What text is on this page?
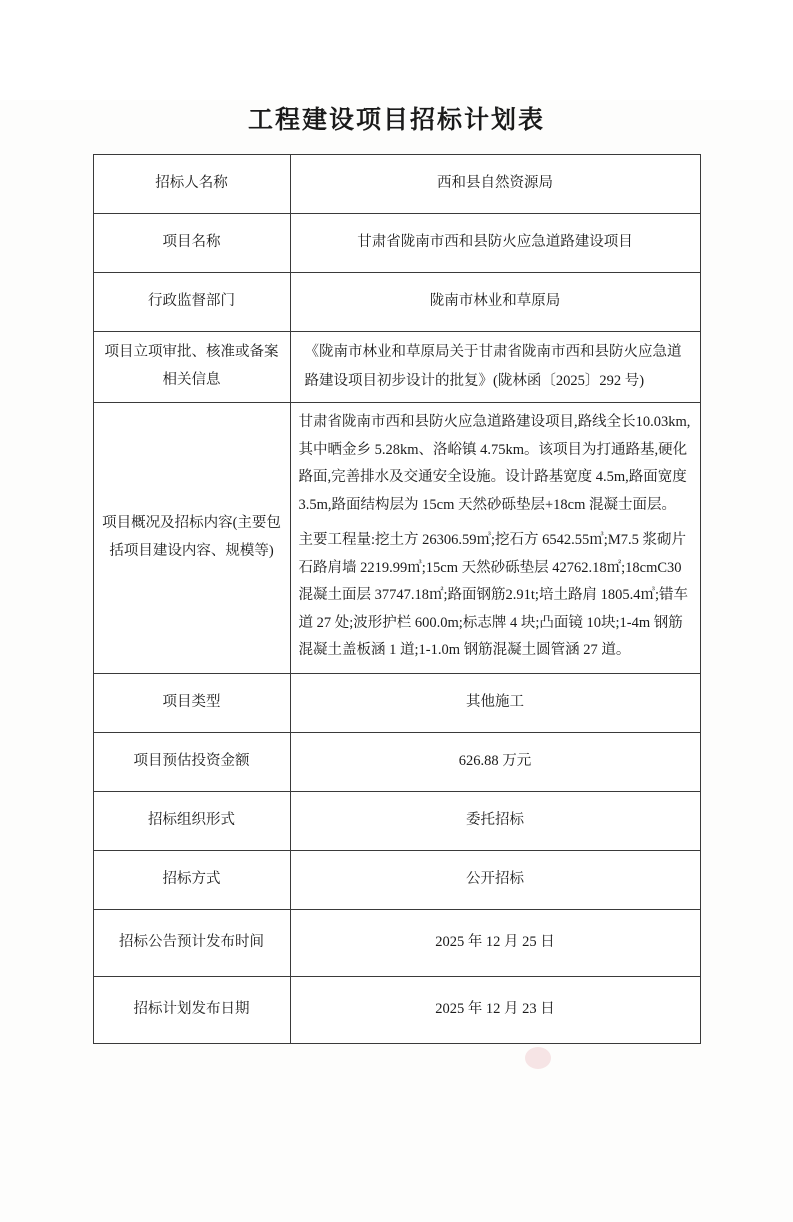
工程建设项目招标计划表
招标人名称	西和县自然资源局
项目名称	甘肃省陇南市西和县防火应急道路建设项目
行政监督部门	陇南市林业和草原局
项目立项审批、核准或备案相关信息	《陇南市林业和草原局关于甘肃省陇南市西和县防火应急道
路建设项目初步设计的批复》(陇林函〔2025〕292 号)

项目概况及招标内容(主要包括项目建设内容、规模等)	甘肃省陇南市西和县防火应急道路建设项目,路线全长10.03km,其中晒金乡 5.28km、洛峪镇 4.75km。该项目为打通路基,硬化路面,完善排水及交通安全设施。设计路基宽度 4.5m,路面宽度 3.5m,路面结构层为 15cm 天然砂砾垫层+18cm 混凝士面层。

主要工程量:挖土方 26306.59㎥;挖石方 6542.55㎥;M7.5 浆砌片石路肩墙 2219.99㎥;15cm 天然砂砾垫层 42762.18㎡;18cmC30混凝土面层 37747.18㎡;路面钢筋2.91t;培土路肩 1805.4㎥;错车道 27 处;波形护栏 600.0m;标志牌 4 块;凸面镜 10块;1-4m 钢筋混凝土盖板涵 1 道;1-1.0m 钢筋混凝土圆管涵 27 道。

项目类型	其他施工
项目预估投资金额	626.88 万元
招标组织形式	委托招标
招标方式	公开招标
招标公告预计发布时间	2025 年 12 月 25 日
招标计划发布日期	2025 年 12 月 23 日
